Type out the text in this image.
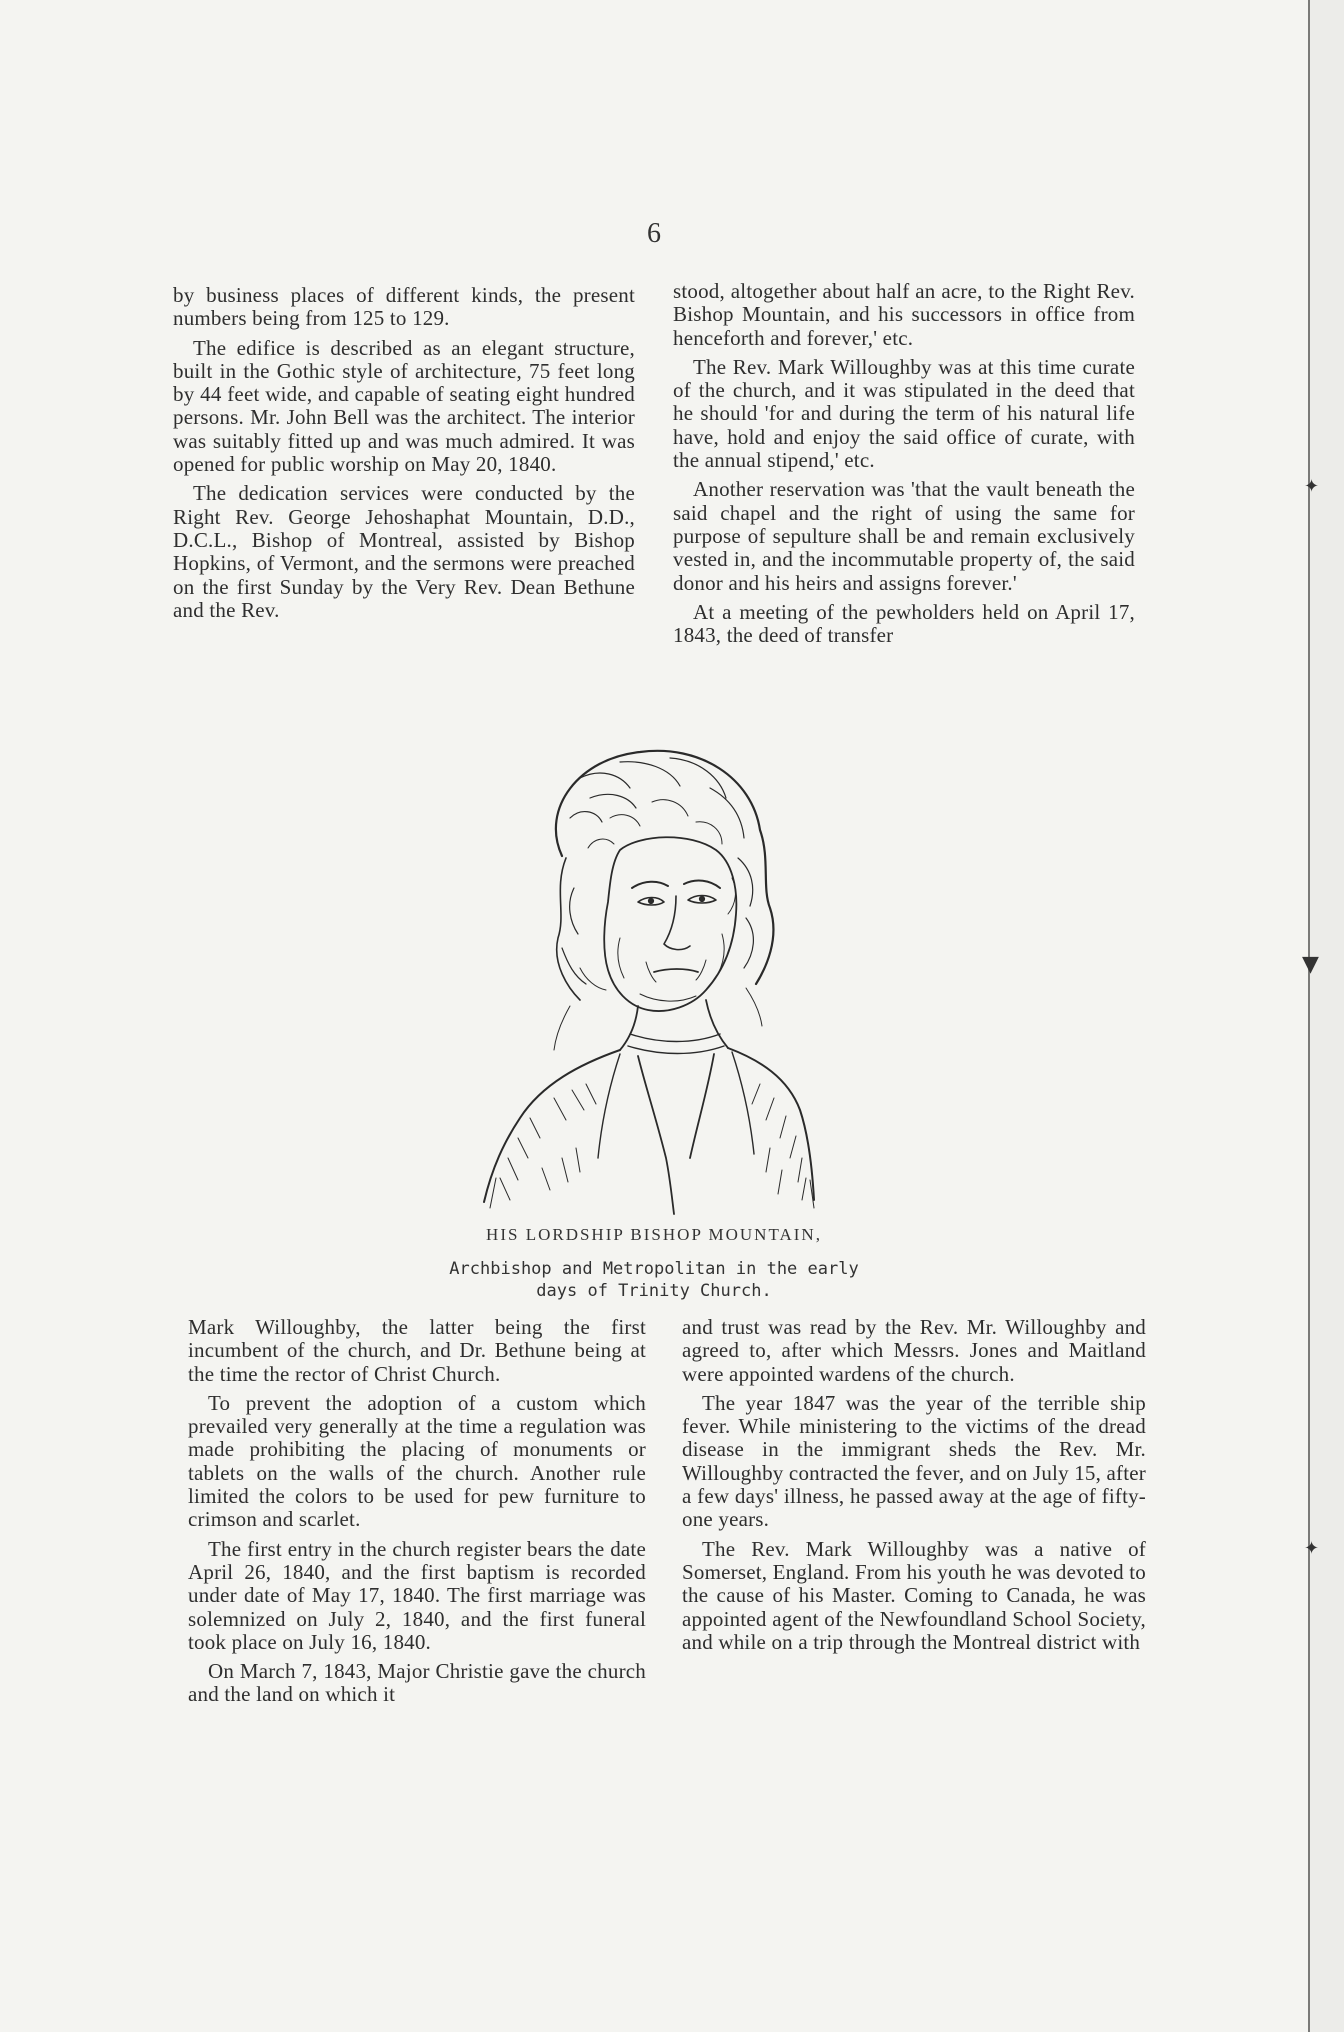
6

by business places of different kinds, the present numbers being from 125 to 129.

The edifice is described as an elegant structure, built in the Gothic style of architecture, 75 feet long by 44 feet wide, and capable of seating eight hundred persons. Mr. John Bell was the architect. The interior was suitably fitted up and was much admired. It was opened for public worship on May 20, 1840.

The dedication services were conducted by the Right Rev. George Jehoshaphat Mountain, D.D., D.C.L., Bishop of Montreal, assisted by Bishop Hopkins, of Vermont, and the sermons were preached on the first Sunday by the Very Rev. Dean Bethune and the Rev.

stood, altogether about half an acre, to the Right Rev. Bishop Mountain, and his successors in office from henceforth and forever,' etc.

The Rev. Mark Willoughby was at this time curate of the church, and it was stipulated in the deed that he should 'for and during the term of his natural life have, hold and enjoy the said office of curate, with the annual stipend,' etc.

Another reservation was 'that the vault beneath the said chapel and the right of using the same for purpose of sepulture shall be and remain exclusively vested in, and the incommutable property of, the said donor and his heirs and assigns forever.'

At a meeting of the pewholders held on April 17, 1843, the deed of transfer

HIS LORDSHIP BISHOP MOUNTAIN,
Archbishop and Metropolitan in the early
days of Trinity Church.

Mark Willoughby, the latter being the first incumbent of the church, and Dr. Bethune being at the time the rector of Christ Church.

To prevent the adoption of a custom which prevailed very generally at the time a regulation was made prohibiting the placing of monuments or tablets on the walls of the church. Another rule limited the colors to be used for pew furniture to crimson and scarlet.

The first entry in the church register bears the date April 26, 1840, and the first baptism is recorded under date of May 17, 1840. The first marriage was solemnized on July 2, 1840, and the first funeral took place on July 16, 1840.

On March 7, 1843, Major Christie gave the church and the land on which it

and trust was read by the Rev. Mr. Willoughby and agreed to, after which Messrs. Jones and Maitland were appointed wardens of the church.

The year 1847 was the year of the terrible ship fever. While ministering to the victims of the dread disease in the immigrant sheds the Rev. Mr. Willoughby contracted the fever, and on July 15, after a few days' illness, he passed away at the age of fifty-one years.

The Rev. Mark Willoughby was a native of Somerset, England. From his youth he was devoted to the cause of his Master. Coming to Canada, he was appointed agent of the Newfoundland School Society, and while on a trip through the Montreal district with

✦
▼
✦
